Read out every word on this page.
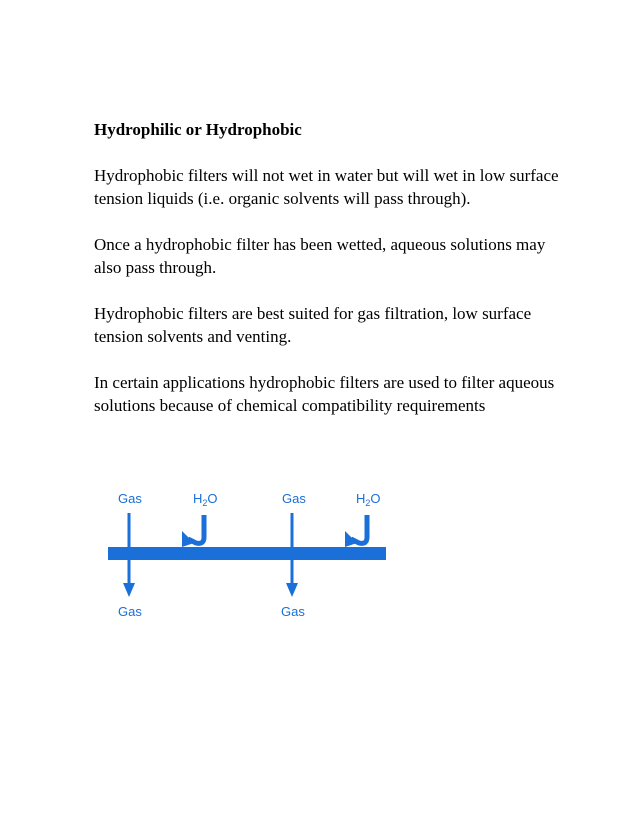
Hydrophilic or Hydrophobic
Hydrophobic filters will not wet in water but will wet in low surface tension liquids (i.e. organic solvents will pass through).
Once a hydrophobic filter has been wetted, aqueous solutions may also pass through.
Hydrophobic filters are best suited for gas filtration, low surface tension solvents and venting.
In certain applications hydrophobic filters are used to filter aqueous solutions because of chemical compatibility requirements
Gas	$H_2O$	Gas	$H_2O$
Gas	Gas
